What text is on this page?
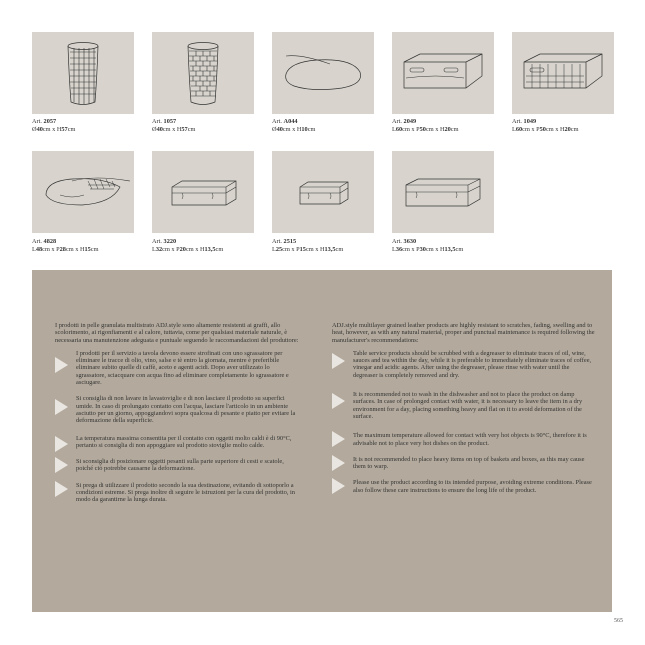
Art. 2057
Ø40cm x H57cm
Art. 1057
Ø40cm x H57cm
Art. A044
Ø40cm x H10cm
Art. 2049
L60cm x P50cm x H20cm
Art. 1049
L60cm x P50cm x H20cm
Art. 4828
L48cm x P28cm x H15cm
Art. 3220
L32cm x P20cm x H13,5cm
Art. 2515
L25cm x P15cm x H13,5cm
Art. 3630
L36cm x P30cm x H13,5cm

I prodotti in pelle granulata multistrato ADJ.style sono altamente resistenti ai graffi, allo scolorimento, ai rigonfiamenti e al calore, tuttavia, come per qualsiasi materiale naturale, è necessaria una manutenzione adeguata e puntuale seguendo le raccomandazioni del produttore:

I prodotti per il servizio a tavola devono essere strofinati con uno sgrassatore per eliminare le tracce di olio, vino, salse e tè entro la giornata, mentre è preferibile eliminare subito quelle di caffè, aceto e agenti acidi. Dopo aver utilizzato lo sgrassatore, sciacquare con acqua fino ad eliminare completamente lo sgrassatore e asciugare.

Si consiglia di non lavare in lavastoviglie e di non lasciare il prodotto su superfici umide. In caso di prolungato contatto con l'acqua, lasciare l'articolo in un ambiente asciutto per un giorno, appoggiandovi sopra qualcosa di pesante e piatto per evitare la deformazione della superficie.

La temperatura massima consentita per il contatto con oggetti molto caldi è di 90°C, pertanto si consiglia di non appoggiare sul prodotto stoviglie molto calde.

Si sconsiglia di posizionare oggetti pesanti sulla parte superiore di cesti e scatole, poiché ciò potrebbe causarne la deformazione.

Si prega di utilizzare il prodotto secondo la sua destinazione, evitando di sottoporlo a condizioni estreme. Si prega inoltre di seguire le istruzioni per la cura del prodotto, in modo da garantirne la lunga durata.

ADJ.style multilayer grained leather products are highly resistant to scratches, fading, swelling and to heat, however, as with any natural material, proper and punctual maintenance is required following the manufacturer's recommendations:

Table service products should be scrubbed with a degreaser to eliminate traces of oil, wine, sauces and tea within the day, while it is preferable to immediately eliminate traces of coffee, vinegar and acidic agents. After using the degreaser, please rinse with water until the degreaser is completely removed and dry.

It is recommended not to wash in the dishwasher and not to place the product on damp surfaces. In case of prolonged contact with water, it is necessary to leave the item in a dry environment for a day, placing something heavy and flat on it to avoid deformation of the surface.

The maximum temperature allowed for contact with very hot objects is 90°C, therefore it is advisable not to place very hot dishes on the product.

It is not recommended to place heavy items on top of baskets and boxes, as this may cause them to warp.

Please use the product according to its intended purpose, avoiding extreme conditions. Please also follow these care instructions to ensure the long life of the product.

565
